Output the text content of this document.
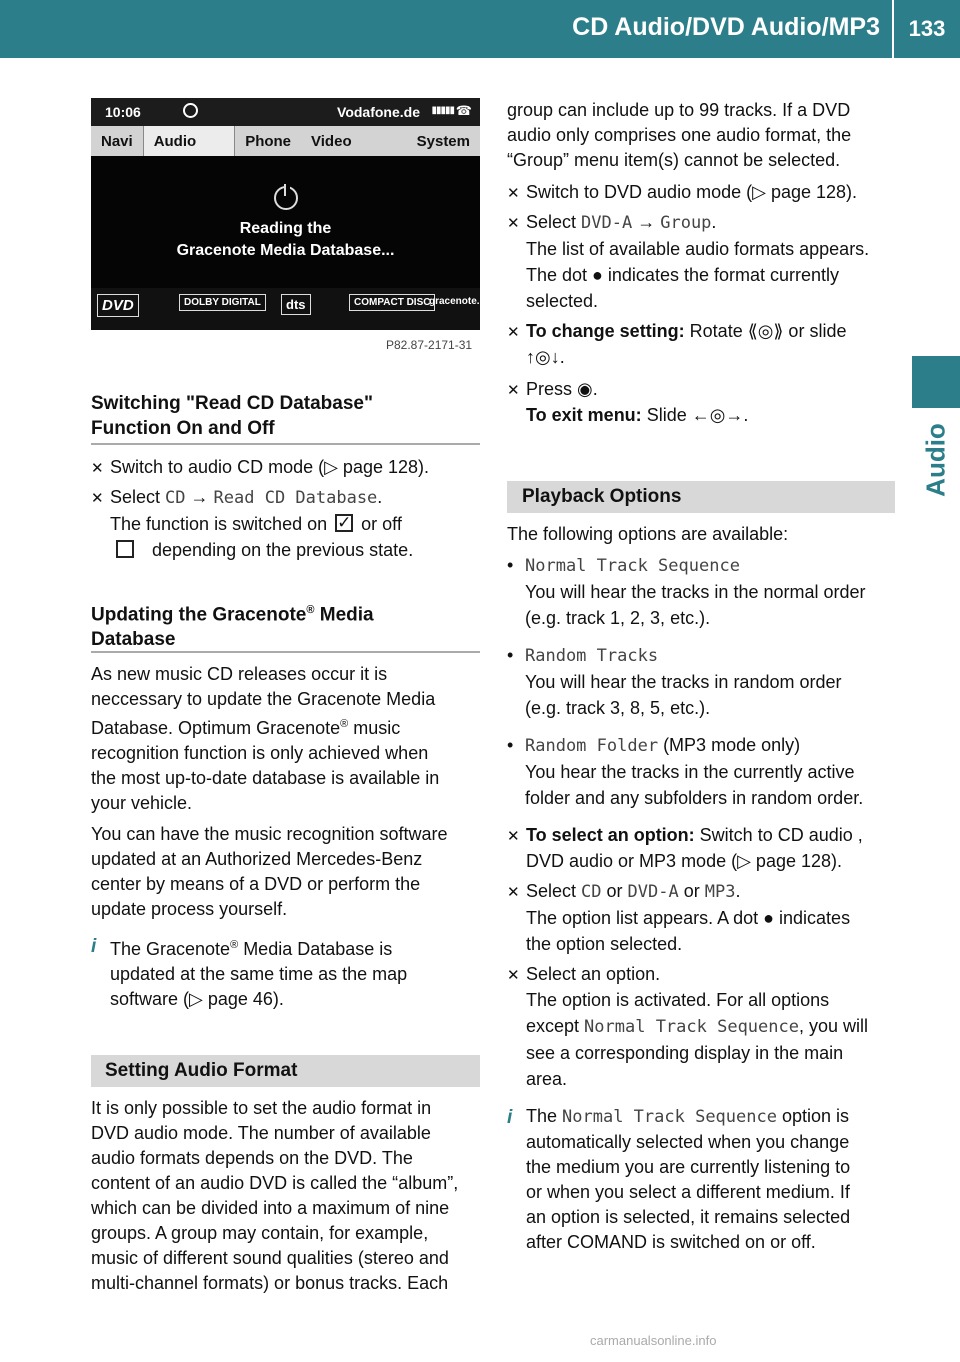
CD Audio/DVD Audio/MP3	133
Audio
10:06	Vodafone.de ▮▮▮▮▮ ☎
Navi	Audio	Phone	Video	System
Reading the
Gracenote Media Database...
DVD	DOLBY DIGITAL	dts	COMPACT DISC
gracenote.
P82.87-2171-31
Switching "Read CD Database"
Function On and Off
✕ Switch to audio CD mode (▷ page 128).
✕ Select CD → Read CD Database.
The function is switched on ✓ or off
depending on the previous state.
Updating the Gracenote® Media
Database

As new music CD releases occur it is

neccessary to update the Gracenote Media

Database. Optimum Gracenote® music

recognition function is only achieved when

the most up-to-date database is available in

your vehicle.

You can have the music recognition software

updated at an Authorized Mercedes-Benz

center by means of a DVD or perform the

update process yourself.

i The Gracenote® Media Database is

updated at the same time as the map

software (▷ page 46).

Setting Audio Format

It is only possible to set the audio format in

DVD audio mode. The number of available

audio formats depends on the DVD. The

content of an audio DVD is called the “album”,

which can be divided into a maximum of nine

groups. A group may contain, for example,

music of different sound qualities (stereo and

multi-channel formats) or bonus tracks. Each

group can include up to 99 tracks. If a DVD

audio only comprises one audio format, the

“Group” menu item(s) cannot be selected.

✕ Switch to DVD audio mode (▷ page 128).
✕ Select DVD-A → Group.
The list of available audio formats appears.
The dot ● indicates the format currently
selected.
✕ To change setting: Rotate ⟪◎⟫ or slide
↑◎↓.
✕ Press ◉.
To exit menu: Slide ←◎→.
Playback Options

The following options are available:

• Normal Track Sequence
You will hear the tracks in the normal order
(e.g. track 1, 2, 3, etc.).
• Random Tracks
You will hear the tracks in random order
(e.g. track 3, 8, 5, etc.).
• Random Folder (MP3 mode only)
You hear the tracks in the currently active
folder and any subfolders in random order.
✕ To select an option: Switch to CD audio ,
DVD audio or MP3 mode (▷ page 128).
✕ Select CD or DVD-A or MP3.
The option list appears. A dot ● indicates
the option selected.
✕ Select an option.
The option is activated. For all options
except Normal Track Sequence, you will
see a corresponding display in the main
area.
i The Normal Track Sequence option is

automatically selected when you change

the medium you are currently listening to

or when you select a different medium. If

an option is selected, it remains selected

after COMAND is switched on or off.

carmanualsonline.info
